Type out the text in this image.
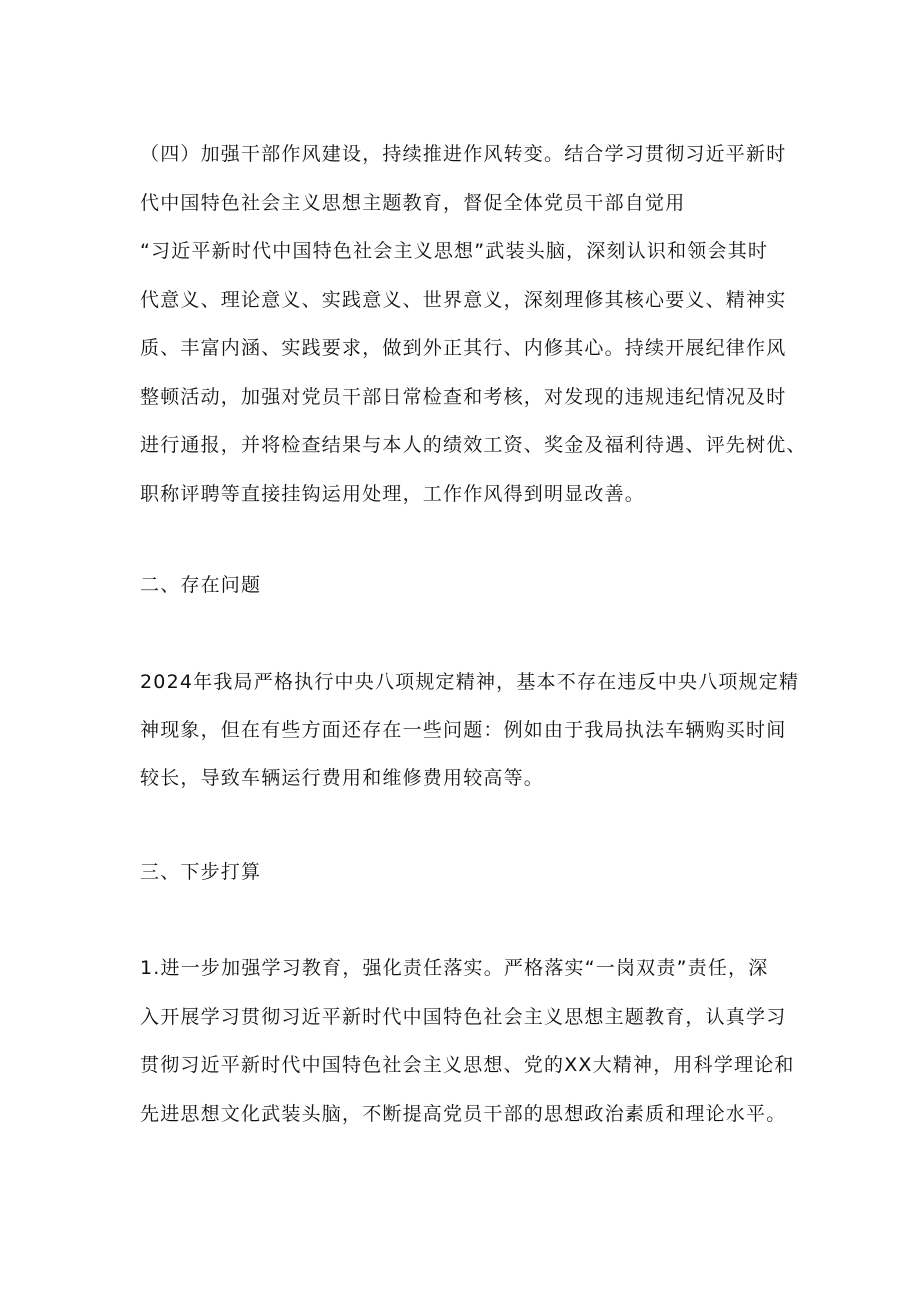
（四）加强干部作风建设，持续推进作风转变。结合学习贯彻习近平新时
代中国特色社会主义思想主题教育，督促全体党员干部自觉用
“习近平新时代中国特色社会主义思想”武装头脑，深刻认识和领会其时
代意义、理论意义、实践意义、世界意义，深刻理修其核心要义、精神实
质、丰富内涵、实践要求，做到外正其行、内修其心。持续开展纪律作风
整顿活动，加强对党员干部日常检查和考核，对发现的违规违纪情况及时
进行通报，并将检查结果与本人的绩效工资、奖金及福利待遇、评先树优、
职称评聘等直接挂钩运用处理，工作作风得到明显改善。
二、存在问题
2024年我局严格执行中央八项规定精神，基本不存在违反中央八项规定精
神现象，但在有些方面还存在一些问题：例如由于我局执法车辆购买时间
较长，导致车辆运行费用和维修费用较高等。
三、下步打算
1.进一步加强学习教育，强化责任落实。严格落实“一岗双责”责任，深
入开展学习贯彻习近平新时代中国特色社会主义思想主题教育，认真学习
贯彻习近平新时代中国特色社会主义思想、党的XX大精神，用科学理论和
先进思想文化武装头脑，不断提高党员干部的思想政治素质和理论水平。
